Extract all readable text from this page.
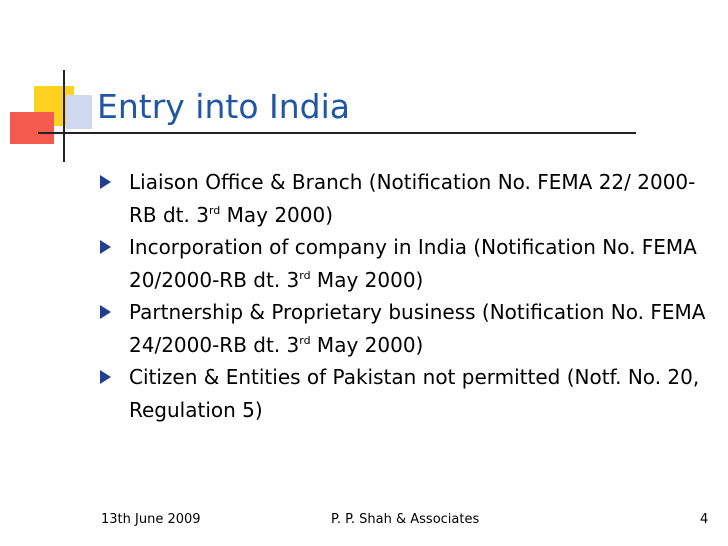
Entry into India
Liaison Office & Branch (Notification No. FEMA 22/ 2000-RB dt. 3rd May 2000)
Incorporation of company in India (Notification No. FEMA 20/2000-RB dt. 3rd May 2000)
Partnership & Proprietary business (Notification No. FEMA 24/2000-RB dt. 3rd May 2000)
Citizen & Entities of Pakistan not permitted (Notf. No. 20, Regulation 5)
13th June 2009	P. P. Shah & Associates	4
